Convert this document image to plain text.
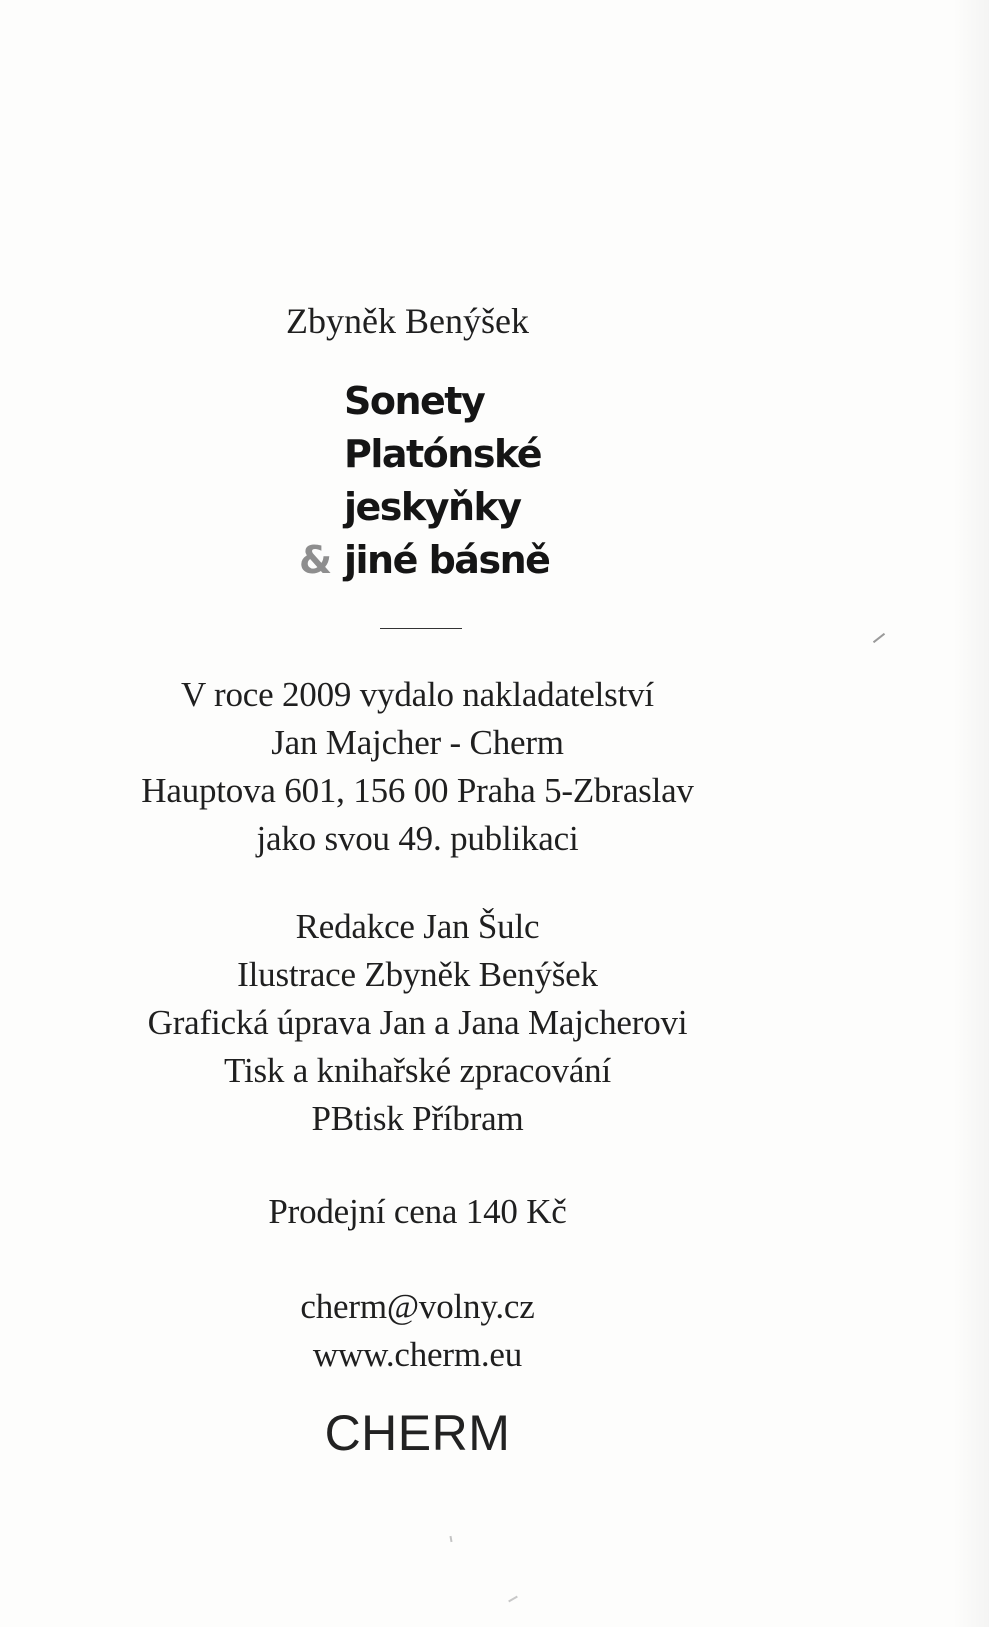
Zbyněk Benýšek
Sonety
Platónské
jeskyňky
& jiné básně
V roce 2009 vydalo nakladatelství
Jan Majcher - Cherm
Hauptova 601, 156 00 Praha 5-Zbraslav
jako svou 49. publikaci
Redakce Jan Šulc
Ilustrace Zbyněk Benýšek
Grafická úprava Jan a Jana Majcherovi
Tisk a knihařské zpracování
PBtisk Příbram
Prodejní cena 140 Kč
cherm@volny.cz
www.cherm.eu
CHERM
